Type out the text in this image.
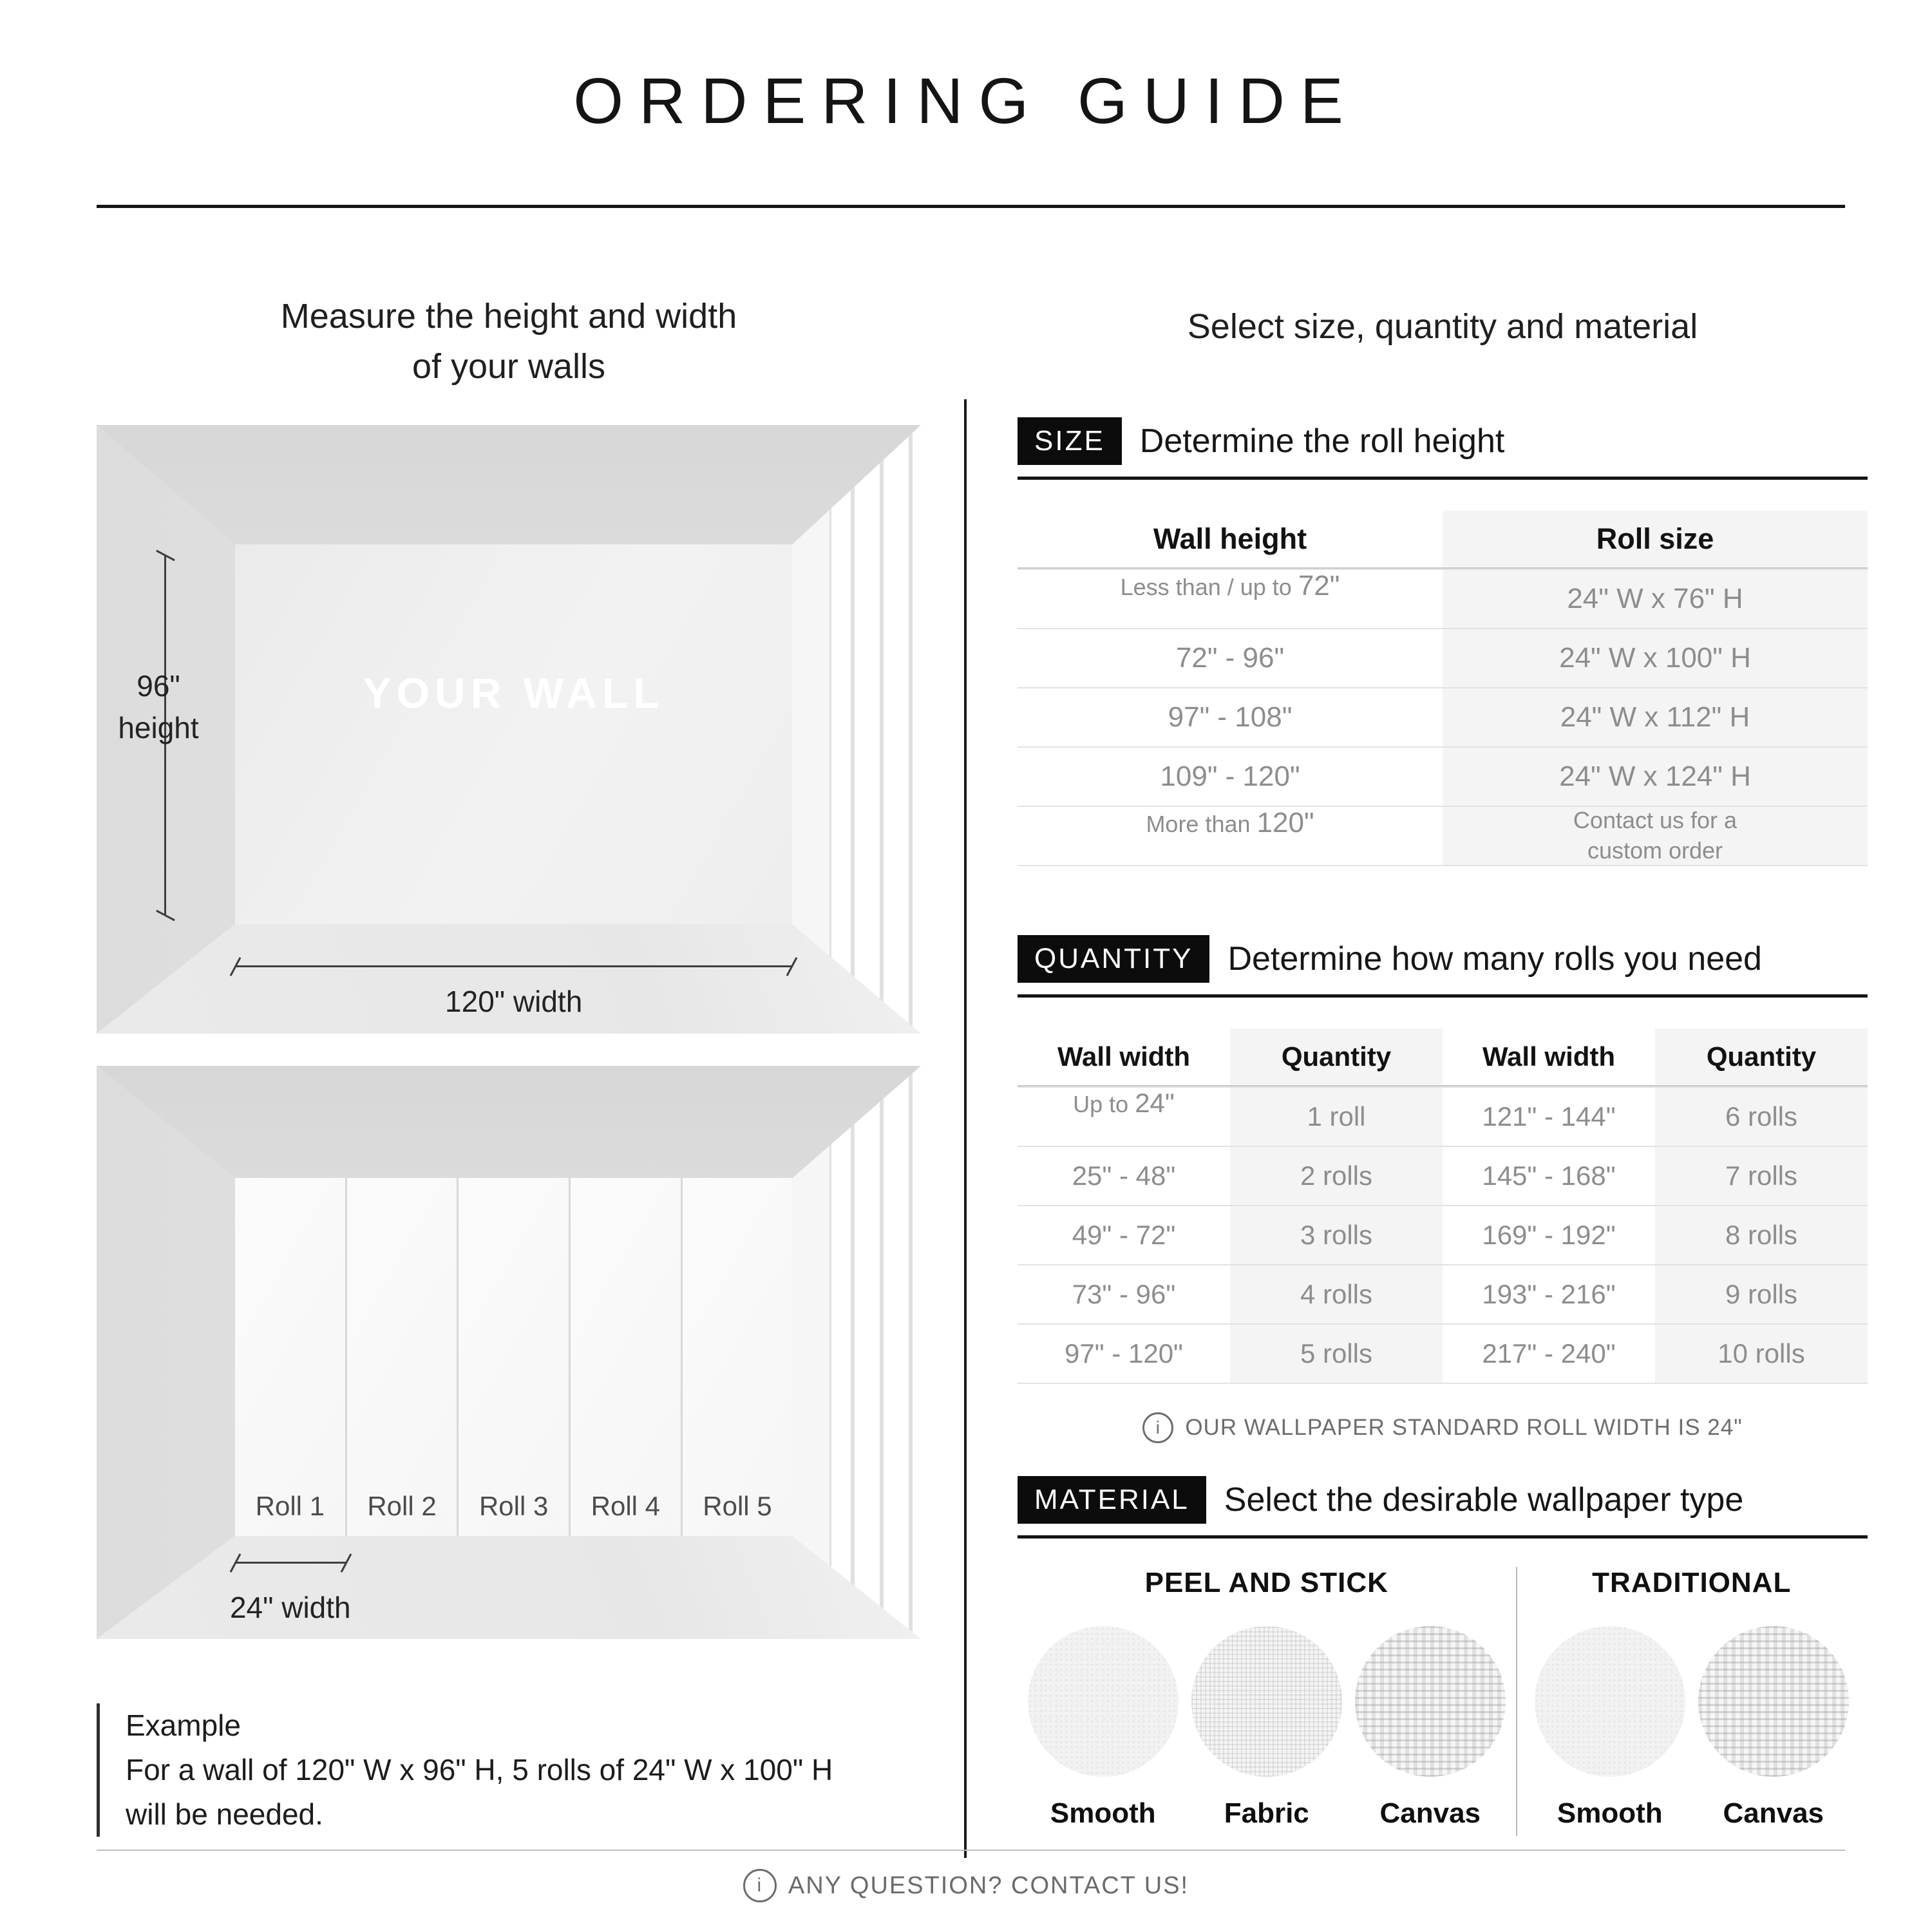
ORDERING GUIDE
Measure the height and width
of your walls
Select size, quantity and material
YOUR WALL
96"
height
120" width
Roll 1	Roll 2	Roll 3	Roll 4	Roll 5
24" width
Example
For a wall of 120" W x 96" H, 5 rolls of 24" W x 100" H
will be needed.
SIZE	Determine the roll height
Wall height	Roll size
Less than / up to 72"	24" W x 76" H
72" - 96"	24" W x 100" H
97" - 108"	24" W x 112" H
109" - 120"	24" W x 124" H
More than 120"	Contact us for a
custom order
QUANTITY	Determine how many rolls you need
Wall width	Quantity	Wall width	Quantity
Up to 24"	1 roll	121" - 144"	6 rolls
25" - 48"	2 rolls	145" - 168"	7 rolls
49" - 72"	3 rolls	169" - 192"	8 rolls
73" - 96"	4 rolls	193" - 216"	9 rolls
97" - 120"	5 rolls	217" - 240"	10 rolls
i	OUR WALLPAPER STANDARD ROLL WIDTH IS 24"
MATERIAL	Select the desirable wallpaper type
PEEL AND STICK
Smooth Fabric Canvas
TRADITIONAL
Smooth Canvas
i	ANY QUESTION? CONTACT US!
